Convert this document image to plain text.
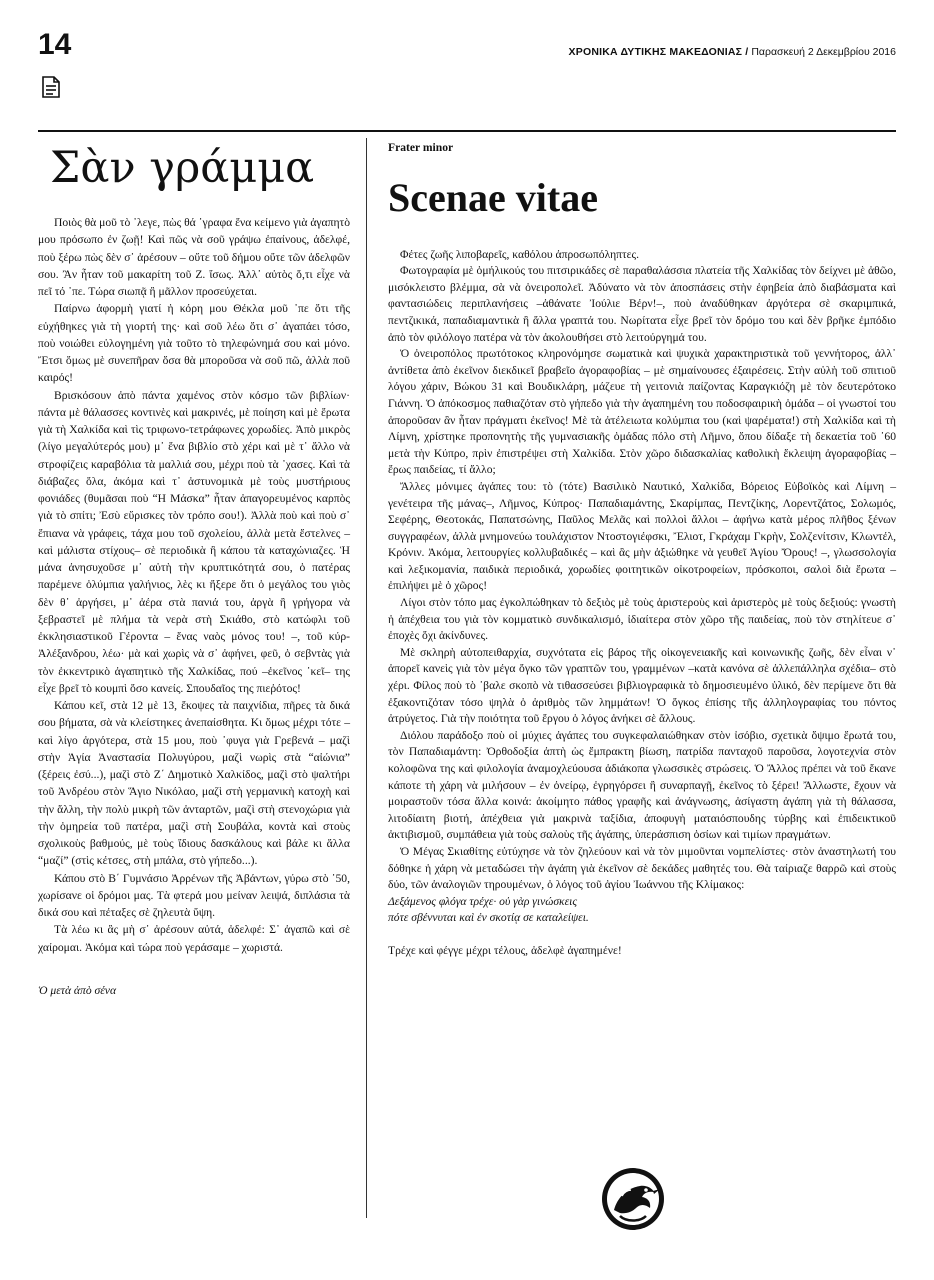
14	ΧΡΟΝΙΚΑ ΔΥΤΙΚΗΣ ΜΑΚΕΔΟΝΙΑΣ / Παρασκευή 2 Δεκεμβρίου 2016
Σὰν γράμμα

Ποιὸς θὰ μοῦ τὸ ᾿λεγε, πὼς θά ᾿γραφα ἕνα κείμενο γιὰ ἀγαπητὸ μου πρόσωπο ἐν ζωῇ! Καὶ πῶς νὰ σοῦ γράψω ἐπαίνους, ἀδελφέ, ποὺ ξέρω πὼς δὲν σ᾿ ἀρέσουν – οὔτε τοῦ δήμου οὔτε τῶν ἀδελφῶν σου. Ἂν ἦταν τοῦ μακαρίτη τοῦ Ζ. ἴσως. Ἀλλ᾿ αὐτὸς ὅ,τι εἶχε νὰ πεῖ τό ᾿πε. Τώρα σιωπᾷ ἢ μᾶλλον προσεύχεται.

Παίρνω ἀφορμὴ γιατί ἡ κόρη μου Θέκλα μοῦ ᾿πε ὅτι τῆς εὐχήθηκες γιὰ τὴ γιορτή της· καὶ σοῦ λέω ὅτι σ᾿ ἀγαπάει τόσο, ποὺ νοιώθει εὐλογημένη γιὰ τοῦτο τὸ τηλεφώνημά σου καὶ μόνο. Ἔτσι ὅμως μὲ συνεπῆραν ὅσα θὰ μποροῦσα νὰ σοῦ πῶ, ἀλλὰ ποῦ καιρός!

Βρισκόσουν ἀπὸ πάντα χαμένος στὸν κόσμο τῶν βιβλίων· πάντα μὲ θάλασσες κοντινὲς καὶ μακρινές, μὲ ποίηση καὶ μὲ ἔρωτα γιὰ τὴ Χαλκίδα καὶ τὶς τριφωνο-τετράφωνες χορωδίες. Ἀπὸ μικρὸς (λίγο μεγαλύτερός μου) μ᾿ ἕνα βιβλίο στὸ χέρι καὶ μὲ τ᾿ ἄλλο νὰ στροφίζεις καραβόλια τὰ μαλλιά σου, μέχρι ποὺ τὰ ᾿χασες. Καὶ τὰ διάβαζες ὅλα, ἀκόμα καὶ τ᾿ ἀστυνομικὰ μὲ τοὺς μυστήριους φονιάδες (θυμᾶσαι ποὺ “Η Μάσκα” ἦταν ἀπαγορευμένος καρπὸς γιὰ τὸ σπίτι; Ἐσὺ εὕρισκες τὸν τρόπο σου!). Ἀλλὰ ποὺ καὶ ποὺ σ᾿ ἔπιανα νὰ γράφεις, τάχα μου τοῦ σχολείου, ἀλλὰ μετὰ ἔστελνες –καὶ μάλιστα στίχους– σὲ περιοδικὰ ἢ κάπου τὰ καταχώνιαζες. Ἡ μάνα ἀνησυχοῦσε μ᾿ αὐτὴ τὴν κρυπτικότητά σου, ὁ πατέρας παρέμενε ὀλύμπια γαλήνιος, λὲς κι ἤξερε ὅτι ὁ μεγάλος του γιὸς δὲν θ᾿ ἀργήσει, μ᾿ ἀέρα στὰ πανιά του, ἀργὰ ἢ γρήγορα νὰ ξεβραστεῖ μὲ πλήμα τὰ νερὰ στὴ Σκιάθο, στὸ κατώφλι τοῦ ἐκκλησιαστικοῦ Γέροντα – ἕνας ναὸς μόνος του! –, τοῦ κύρ-Ἀλέξανδρου, λέω· μὰ καὶ χωρὶς νὰ σ᾿ ἀφήνει, φεῦ, ὁ σεβντὰς γιὰ τὸν ἐκκεντρικὸ ἀγαπητικὸ τῆς Χαλκίδας, πού –ἐκεῖνος ᾿κεῖ– της εἶχε βρεῖ τὸ κουμπὶ ὅσο κανείς. Σπουδαῖος της πιεῤότος!

Κάπου κεῖ, στὰ 12 μὲ 13, ἔκοψες τὰ παιχνίδια, πῆρες τὰ δικά σου βήματα, σὰ νὰ κλείστηκες ἀνεπαίσθητα. Κι ὅμως μέχρι τότε – καὶ λίγο ἀργότερα, στὰ 15 μου, ποὺ ᾿φυγα γιὰ Γρεβενά – μαζὶ στὴν Ἁγία Ἀναστασία Πολυγύρου, μαζὶ νωρὶς στὰ “αἰώνια” (ξέρεις ἐσύ...), μαζὶ στὸ Ζ΄ Δημοτικὸ Χαλκίδος, μαζὶ στὸ ψαλτήρι τοῦ Ἀνδρέου στὸν Ἅγιο Νικόλαο, μαζὶ στὴ γερμανικὴ κατοχὴ καὶ τὴν ἄλλη, τὴν πολὺ μικρὴ τῶν ἀνταρτῶν, μαζὶ στὴ στενοχώρια γιὰ τὴν ὁμηρεία τοῦ πατέρα, μαζὶ στὴ Σουβάλα, κοντὰ καὶ στοὺς σχολικοὺς βαθμούς, μὲ τοὺς ἴδιους δασκάλους καὶ βάλε κι ἄλλα “μαζί” (στὶς κέτσες, στὴ μπάλα, στὸ γήπεδο...).

Κάπου στὸ Β΄ Γυμνάσιο Ἀρρένων τῆς Ἀβάντων, γύρω στὸ ᾿50, χωρίσανε οἱ δρόμοι μας. Τὰ φτερά μου μείναν λειψά, διπλάσια τὰ δικά σου καὶ πέταξες σὲ ζηλευτὰ ὕψη.

Τὰ λέω κι ἂς μὴ σ᾿ ἀρέσουν αὐτά, ἀδελφέ: Σ᾿ ἀγαπῶ καὶ σὲ χαίρομαι. Ἀκόμα καὶ τώρα ποὺ γεράσαμε – χωριστά.

Ὁ μετὰ ἀπὸ σένα

Frater minor

Scenae vitae

Φέτες ζωῆς λιποβαρεῖς, καθόλου ἀπροσωπόληπτες.

Φωτογραφία μὲ ὁμήλικούς του πιτσιρικάδες σὲ παραθαλάσσια πλατεία τῆς Χαλκίδας τὸν δείχνει μὲ ἀθῶο, μισόκλειστο βλέμμα, σὰ νὰ ὀνειροπολεῖ. Ἀδύνατο νὰ τὸν ἀποσπάσεις στὴν ἐφηβεία ἀπὸ διαβάσματα καὶ φαντασιώδεις περιπλανήσεις –ἀθάνατε Ἰούλιε Βέρν!–, ποὺ ἀναδύθηκαν ἀργότερα σὲ σκαριμπικά, πεντζικικά, παπαδιαμαντικὰ ἢ ἄλλα γραπτά του. Νωρίτατα εἶχε βρεῖ τὸν δρόμο του καὶ δὲν βρῆκε ἐμπόδιο ἀπὸ τὸν φιλόλογο πατέρα νὰ τὸν ἀκολουθήσει στὸ λειτούργημά του.

Ὁ ὀνειροπόλος πρωτότοκος κληρονόμησε σωματικὰ καὶ ψυχικὰ χαρακτηριστικὰ τοῦ γεννήτορος, ἀλλ᾿ ἀντίθετα ἀπὸ ἐκεῖνον διεκδικεῖ βραβεῖο ἀγοραφοβίας – μὲ σημαίνουσες ἐξαιρέσεις. Στὴν αὐλὴ τοῦ σπιτιοῦ λόγου χάριν, Βώκου 31 καὶ Βουδικλάρη, μάζευε τὴ γειτονιὰ παίζοντας Καραγκιόζη μὲ τὸν δευτερότοκο Γιάννη. Ὁ ἀπόκοσμος παθιαζόταν στὸ γήπεδο γιὰ τὴν ἀγαπημένη του ποδοσφαιρικὴ ὁμάδα – οἱ γνωστοί του ἀποροῦσαν ἂν ἦταν πράγματι ἐκεῖνος! Μὲ τὰ ἀτέλειωτα κολύμπια του (καὶ ψαρέματα!) στὴ Χαλκίδα καὶ τὴ Λίμνη, χρίστηκε προπονητὴς τῆς γυμνασιακῆς ὁμάδας πόλο στὴ Λῆμνο, ὅπου δίδαξε τὴ δεκαετία τοῦ ᾿60 μετὰ τὴν Κύπρο, πρὶν ἐπιστρέψει στὴ Χαλκίδα. Στὸν χῶρο διδασκαλίας καθολικὴ ἔκλειψη ἀγοραφοβίας – ἔρως παιδείας, τί ἄλλο;

Ἄλλες μόνιμες ἀγάπες του: τὸ (τότε) Βασιλικὸ Ναυτικό, Χαλκίδα, Βόρειος Εὐβοϊκὸς καὶ Λίμνη –γενέτειρα τῆς μάνας–, Λῆμνος, Κύπρος· Παπαδιαμάντης, Σκαρίμπας, Πεντζίκης, Λορεντζάτος, Σολωμός, Σεφέρης, Θεοτοκάς, Παπατσώνης, Παῦλος Μελᾶς καὶ πολλοὶ ἄλλοι – ἀφήνω κατὰ μέρος πλῆθος ξένων συγγραφέων, ἀλλὰ μνημονεύω τουλάχιστον Ντοστογιέφσκι, Ἔλιοτ, Γκράχαμ Γκρὴν, Σολζενίτσιν, Κλωντέλ, Κρόνιν. Ἀκόμα, λειτουργίες κολλυβαδικές – καὶ ἂς μὴν ἀξιώθηκε νὰ γευθεῖ Ἁγίου Ὄρους! –, γλωσσολογία καὶ λεξικομανία, παιδικὰ περιοδικά, χορωδίες φοιτητικῶν οἰκοτροφείων, πρόσκοποι, σαλοὶ διὰ ἔρωτα – ἐπιλήψει μὲ ὁ χῶρος!

Λίγοι στὸν τόπο μας ἐγκολπώθηκαν τὸ δεξιὸς μὲ τοὺς ἀριστεροὺς καὶ ἀριστερὸς μὲ τοὺς δεξιούς: γνωστὴ ἡ ἀπέχθεια του γιὰ τὸν κομματικὸ συνδικαλισμό, ἰδιαίτερα στὸν χῶρο τῆς παιδείας, ποὺ τὸν στηλίτευε σ᾿ ἐποχὲς ὄχι ἀκίνδυνες.

Μὲ σκληρὴ αὐτοπειθαρχία, συχνότατα εἰς βάρος τῆς οἰκογενειακῆς καὶ κοινωνικῆς ζωῆς, δὲν εἶναι ν᾿ ἀπορεῖ κανεὶς γιὰ τὸν μέγα ὄγκο τῶν γραπτῶν του, γραμμένων –κατὰ κανόνα σὲ ἀλλεπάλληλα σχέδια– στὸ χέρι. Φίλος ποὺ τὸ ᾿βαλε σκοπὸ νὰ τιθασσεύσει βιβλιογραφικὰ τὸ δημοσιευμένο ὑλικό, δὲν περίμενε ὅτι θὰ ἐξακοντιζόταν τόσο ψηλὰ ὁ ἀριθμὸς τῶν λημμάτων! Ὁ ὄγκος ἐπίσης τῆς ἀλληλογραφίας του πόντος ἀτρύγετος. Γιὰ τὴν ποιότητα τοῦ ἔργου ὁ λόγος ἀνήκει σὲ ἄλλους.

Διόλου παράδοξο ποὺ οἱ μύχιες ἀγάπες του συγκεφαλαιώθηκαν στὸν ἰσόβιο, σχετικὰ ὄψιμο ἔρωτά του, τὸν Παπαδιαμάντη: Ὀρθοδοξία ἀπτὴ ὡς ἔμπρακτη βίωση, πατρίδα πανταχοῦ παροῦσα, λογοτεχνία στὸν κολοφῶνα της καὶ φιλολογία ἀναμοχλεύουσα ἀδιάκοπα γλωσσικὲς στρώσεις. Ὁ Ἄλλος πρέπει νὰ τοῦ ἔκανε κάποτε τὴ χάρη νὰ μιλήσουν – ἐν ὀνείρῳ, ἐγρηγόρσει ἢ συναρπαγῇ, ἐκεῖνος τὸ ξέρει! Ἄλλωστε, ἔχουν νὰ μοιραστοῦν τόσα ἄλλα κοινά: ἀκοίμητο πάθος γραφῆς καὶ ἀνάγνωσης, ἀσίγαστη ἀγάπη γιὰ τὴ θάλασσα, λιτοδίαιτη βιοτή, ἀπέχθεια γιὰ μακρινὰ ταξίδια, ἀποφυγὴ ματαιόσπουδης τύρβης καὶ ἐπιδεικτικοῦ ἀκτιβισμοῦ, συμπάθεια γιὰ τοὺς σαλοὺς τῆς ἀγάπης, ὑπεράσπιση ὁσίων καὶ τιμίων πραγμάτων.

Ὁ Μέγας Σκιαθίτης εὐτύχησε νὰ τὸν ζηλεύουν καὶ νὰ τὸν μιμοῦνται νομπελίστες· στὸν ἀναστηλωτή του δόθηκε ἡ χάρη νὰ μεταδώσει τὴν ἀγάπη γιὰ ἐκεῖνον σὲ δεκάδες μαθητές του. Θὰ ταίριαζε θαρρῶ καὶ στοὺς δύο, τῶν ἀναλογιῶν τηρουμένων, ὁ λόγος τοῦ ἁγίου Ἰωάννου τῆς Κλίμακος:

Δεξάμενος φλόγα τρέχε· οὐ γὰρ γινώσκεις

πότε σβέννυται καὶ ἐν σκοτίᾳ σε καταλείψει.

Τρέχε καὶ φέγγε μέχρι τέλους, ἀδελφὲ ἀγαπημένε!
